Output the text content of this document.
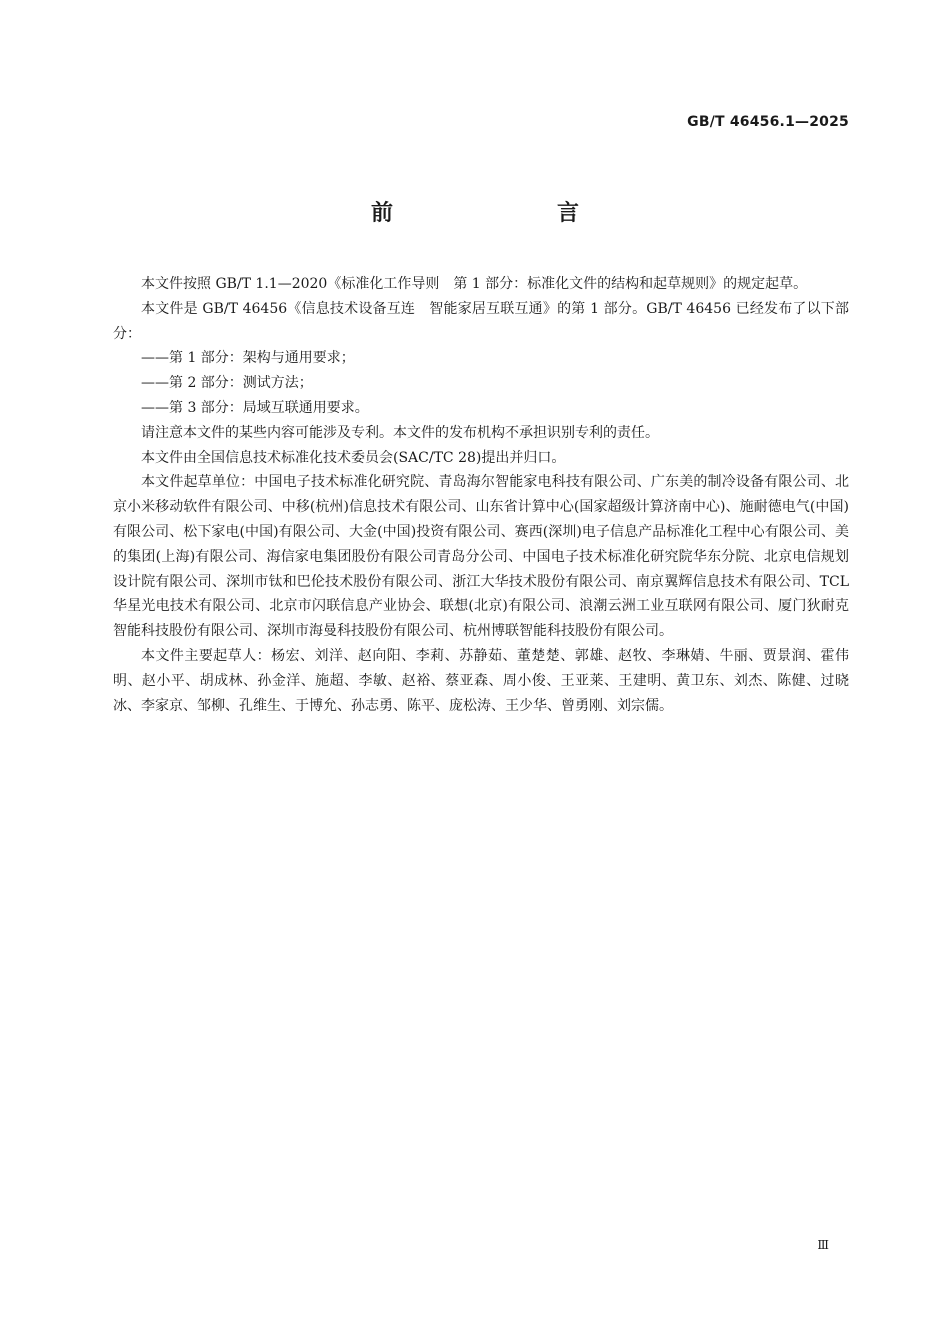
GB/T 46456.1—2025
前　　言

本文件按照 GB/T 1.1—2020《标准化工作导则　第 1 部分：标准化文件的结构和起草规则》的规定起草。

本文件是 GB/T 46456《信息技术设备互连　智能家居互联互通》的第 1 部分。GB/T 46456 已经发布了以下部分：

——第 1 部分：架构与通用要求；

——第 2 部分：测试方法；

——第 3 部分：局域互联通用要求。

请注意本文件的某些内容可能涉及专利。本文件的发布机构不承担识别专利的责任。

本文件由全国信息技术标准化技术委员会(SAC/TC 28)提出并归口。

本文件起草单位：中国电子技术标准化研究院、青岛海尔智能家电科技有限公司、广东美的制冷设备有限公司、北京小米移动软件有限公司、中移(杭州)信息技术有限公司、山东省计算中心(国家超级计算济南中心)、施耐德电气(中国)有限公司、松下家电(中国)有限公司、大金(中国)投资有限公司、赛西(深圳)电子信息产品标准化工程中心有限公司、美的集团(上海)有限公司、海信家电集团股份有限公司青岛分公司、中国电子技术标准化研究院华东分院、北京电信规划设计院有限公司、深圳市钛和巴伦技术股份有限公司、浙江大华技术股份有限公司、南京翼辉信息技术有限公司、TCL 华星光电技术有限公司、北京市闪联信息产业协会、联想(北京)有限公司、浪潮云洲工业互联网有限公司、厦门狄耐克智能科技股份有限公司、深圳市海曼科技股份有限公司、杭州博联智能科技股份有限公司。

本文件主要起草人：杨宏、刘洋、赵向阳、李莉、苏静茹、董楚楚、郭雄、赵牧、李琳婧、牛丽、贾景润、霍伟明、赵小平、胡成林、孙金洋、施超、李敏、赵裕、蔡亚森、周小俊、王亚莱、王建明、黄卫东、刘杰、陈健、过晓冰、李家京、邹柳、孔维生、于博允、孙志勇、陈平、庞松涛、王少华、曾勇刚、刘宗儒。

Ⅲ
